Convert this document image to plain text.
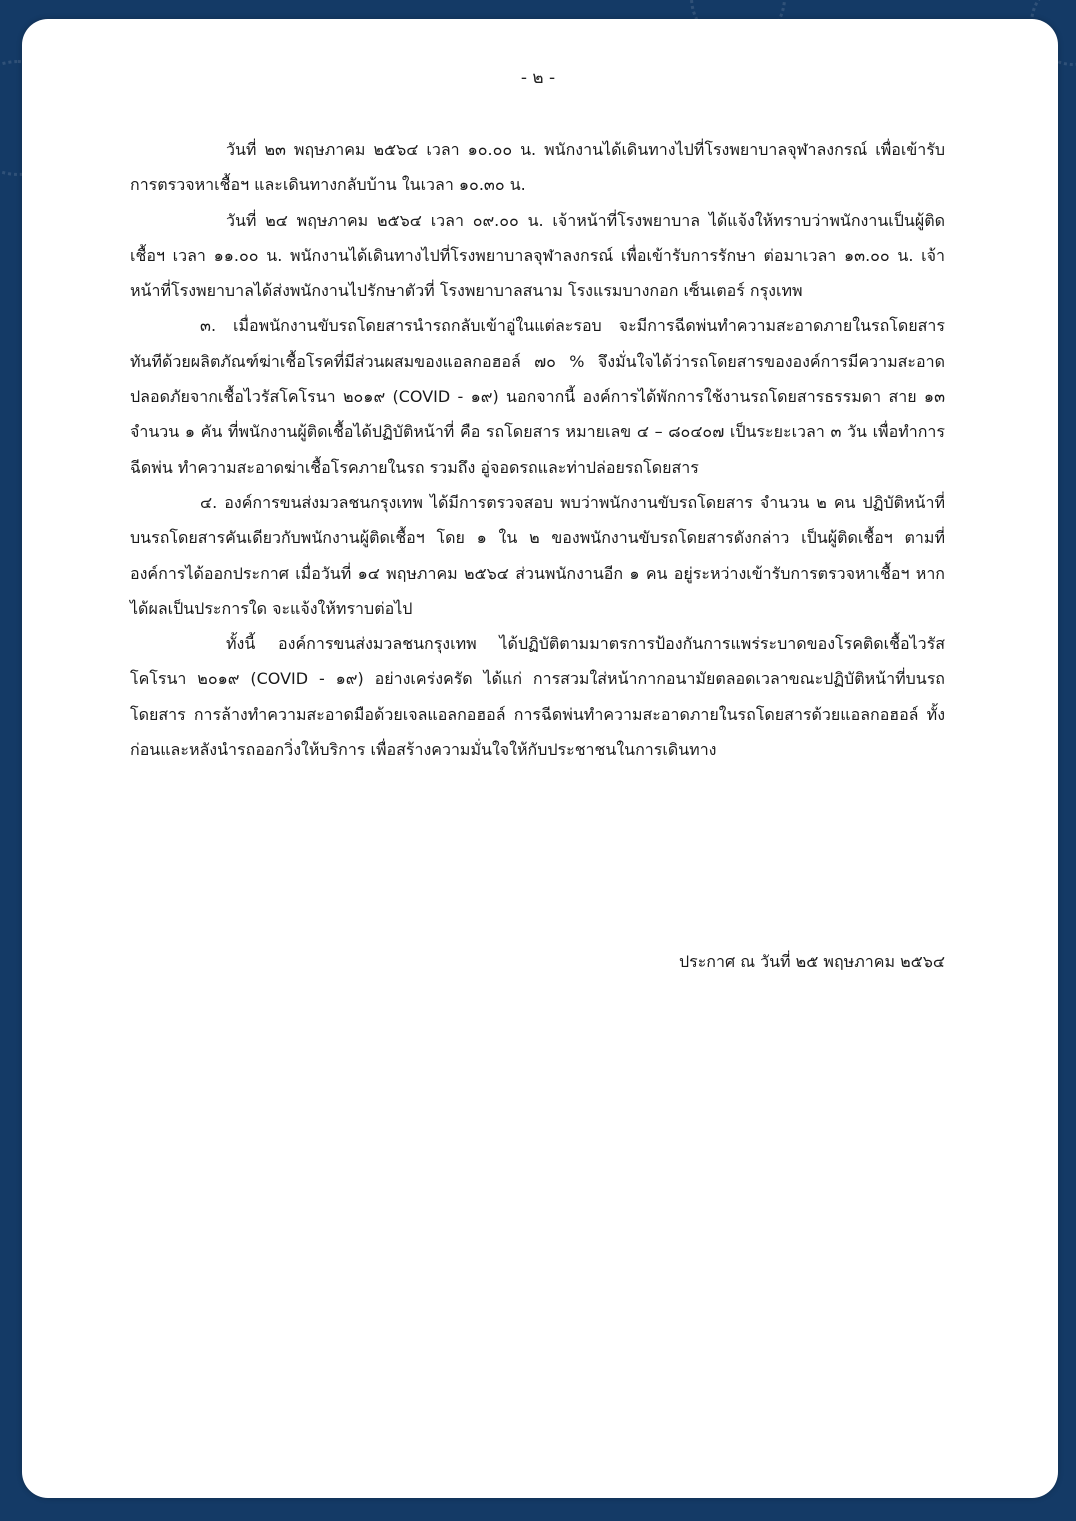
- ๒ -

วันที่ ๒๓ พฤษภาคม ๒๕๖๔ เวลา ๑๐.๐๐ น. พนักงานได้เดินทางไปที่โรงพยาบาลจุฬาลงกรณ์ เพื่อเข้ารับการตรวจหาเชื้อฯ และเดินทางกลับบ้าน ในเวลา ๑๐.๓๐ น.

วันที่ ๒๔ พฤษภาคม ๒๕๖๔ เวลา ๐๙.๐๐ น. เจ้าหน้าที่โรงพยาบาล ได้แจ้งให้ทราบว่าพนักงานเป็นผู้ติดเชื้อฯ เวลา ๑๑.๐๐ น. พนักงานได้เดินทางไปที่โรงพยาบาลจุฬาลงกรณ์ เพื่อเข้ารับการรักษา ต่อมาเวลา ๑๓.๐๐ น. เจ้าหน้าที่โรงพยาบาลได้ส่งพนักงานไปรักษาตัวที่ โรงพยาบาลสนาม โรงแรมบางกอก เซ็นเตอร์ กรุงเทพ

๓. เมื่อพนักงานขับรถโดยสารนำรถกลับเข้าอู่ในแต่ละรอบ จะมีการฉีดพ่นทำความสะอาดภายในรถโดยสารทันทีด้วยผลิตภัณฑ์ฆ่าเชื้อโรคที่มีส่วนผสมของแอลกอฮอล์ ๗๐ % จึงมั่นใจได้ว่ารถโดยสารขององค์การมีความสะอาด ปลอดภัยจากเชื้อไวรัสโคโรนา ๒๐๑๙ (COVID - ๑๙) นอกจากนี้ องค์การได้พักการใช้งานรถโดยสารธรรมดา สาย ๑๓ จำนวน ๑ คัน ที่พนักงานผู้ติดเชื้อได้ปฏิบัติหน้าที่ คือ รถโดยสาร หมายเลข ๔ – ๘๐๔๐๗ เป็นระยะเวลา ๓ วัน เพื่อทำการฉีดพ่น ทำความสะอาดฆ่าเชื้อโรคภายในรถ รวมถึง อู่จอดรถและท่าปล่อยรถโดยสาร

๔. องค์การขนส่งมวลชนกรุงเทพ ได้มีการตรวจสอบ พบว่าพนักงานขับรถโดยสาร จำนวน ๒ คน ปฏิบัติหน้าที่บนรถโดยสารคันเดียวกับพนักงานผู้ติดเชื้อฯ โดย ๑ ใน ๒ ของพนักงานขับรถโดยสารดังกล่าว เป็นผู้ติดเชื้อฯ ตามที่องค์การได้ออกประกาศ เมื่อวันที่ ๑๔ พฤษภาคม ๒๕๖๔ ส่วนพนักงานอีก ๑ คน อยู่ระหว่างเข้ารับการตรวจหาเชื้อฯ หากได้ผลเป็นประการใด จะแจ้งให้ทราบต่อไป

ทั้งนี้ องค์การขนส่งมวลชนกรุงเทพ ได้ปฏิบัติตามมาตรการป้องกันการแพร่ระบาดของโรคติดเชื้อไวรัสโคโรนา ๒๐๑๙ (COVID - ๑๙) อย่างเคร่งครัด ได้แก่ การสวมใส่หน้ากากอนามัยตลอดเวลาขณะปฏิบัติหน้าที่บนรถโดยสาร การล้างทำความสะอาดมือด้วยเจลแอลกอฮอล์ การฉีดพ่นทำความสะอาดภายในรถโดยสารด้วยแอลกอฮอล์ ทั้งก่อนและหลังนำรถออกวิ่งให้บริการ เพื่อสร้างความมั่นใจให้กับประชาชนในการเดินทาง

ประกาศ ณ วันที่ ๒๕ พฤษภาคม ๒๕๖๔
